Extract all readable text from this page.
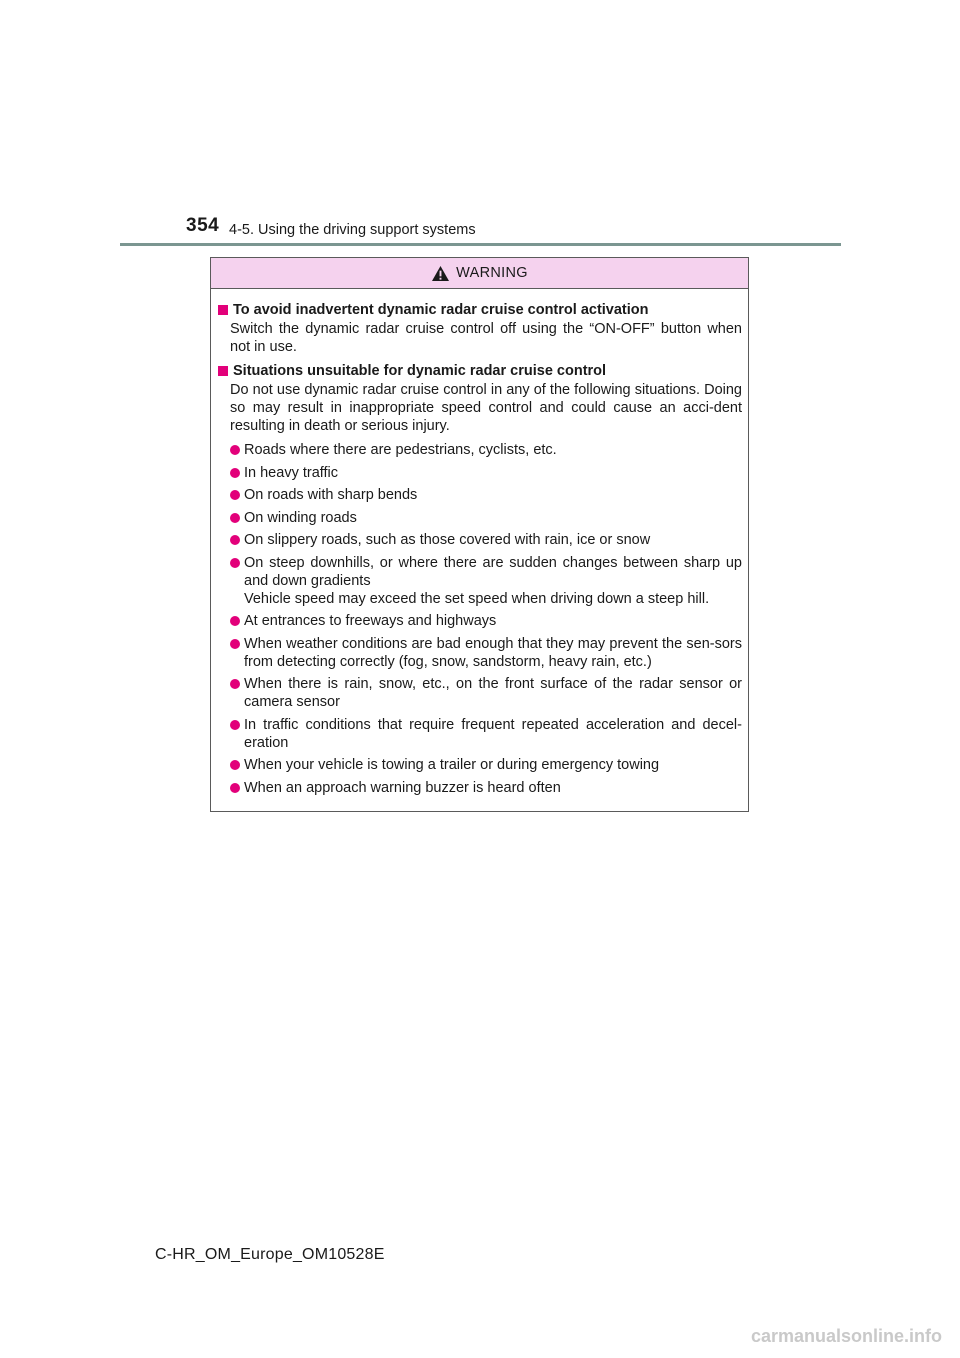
354 4-5. Using the driving support systems
WARNING
To avoid inadvertent dynamic radar cruise control activation
Switch the dynamic radar cruise control off using the “ON-OFF” button when not in use.
Situations unsuitable for dynamic radar cruise control
Do not use dynamic radar cruise control in any of the following situations. Doing so may result in inappropriate speed control and could cause an acci-dent resulting in death or serious injury.
Roads where there are pedestrians, cyclists, etc.
In heavy traffic
On roads with sharp bends
On winding roads
On slippery roads, such as those covered with rain, ice or snow
On steep downhills, or where there are sudden changes between sharp up and down gradients
Vehicle speed may exceed the set speed when driving down a steep hill.
At entrances to freeways and highways
When weather conditions are bad enough that they may prevent the sen-sors from detecting correctly (fog, snow, sandstorm, heavy rain, etc.)
When there is rain, snow, etc., on the front surface of the radar sensor or camera sensor
In traffic conditions that require frequent repeated acceleration and decel-eration
When your vehicle is towing a trailer or during emergency towing
When an approach warning buzzer is heard often
C-HR_OM_Europe_OM10528E
carmanualsonline.info
